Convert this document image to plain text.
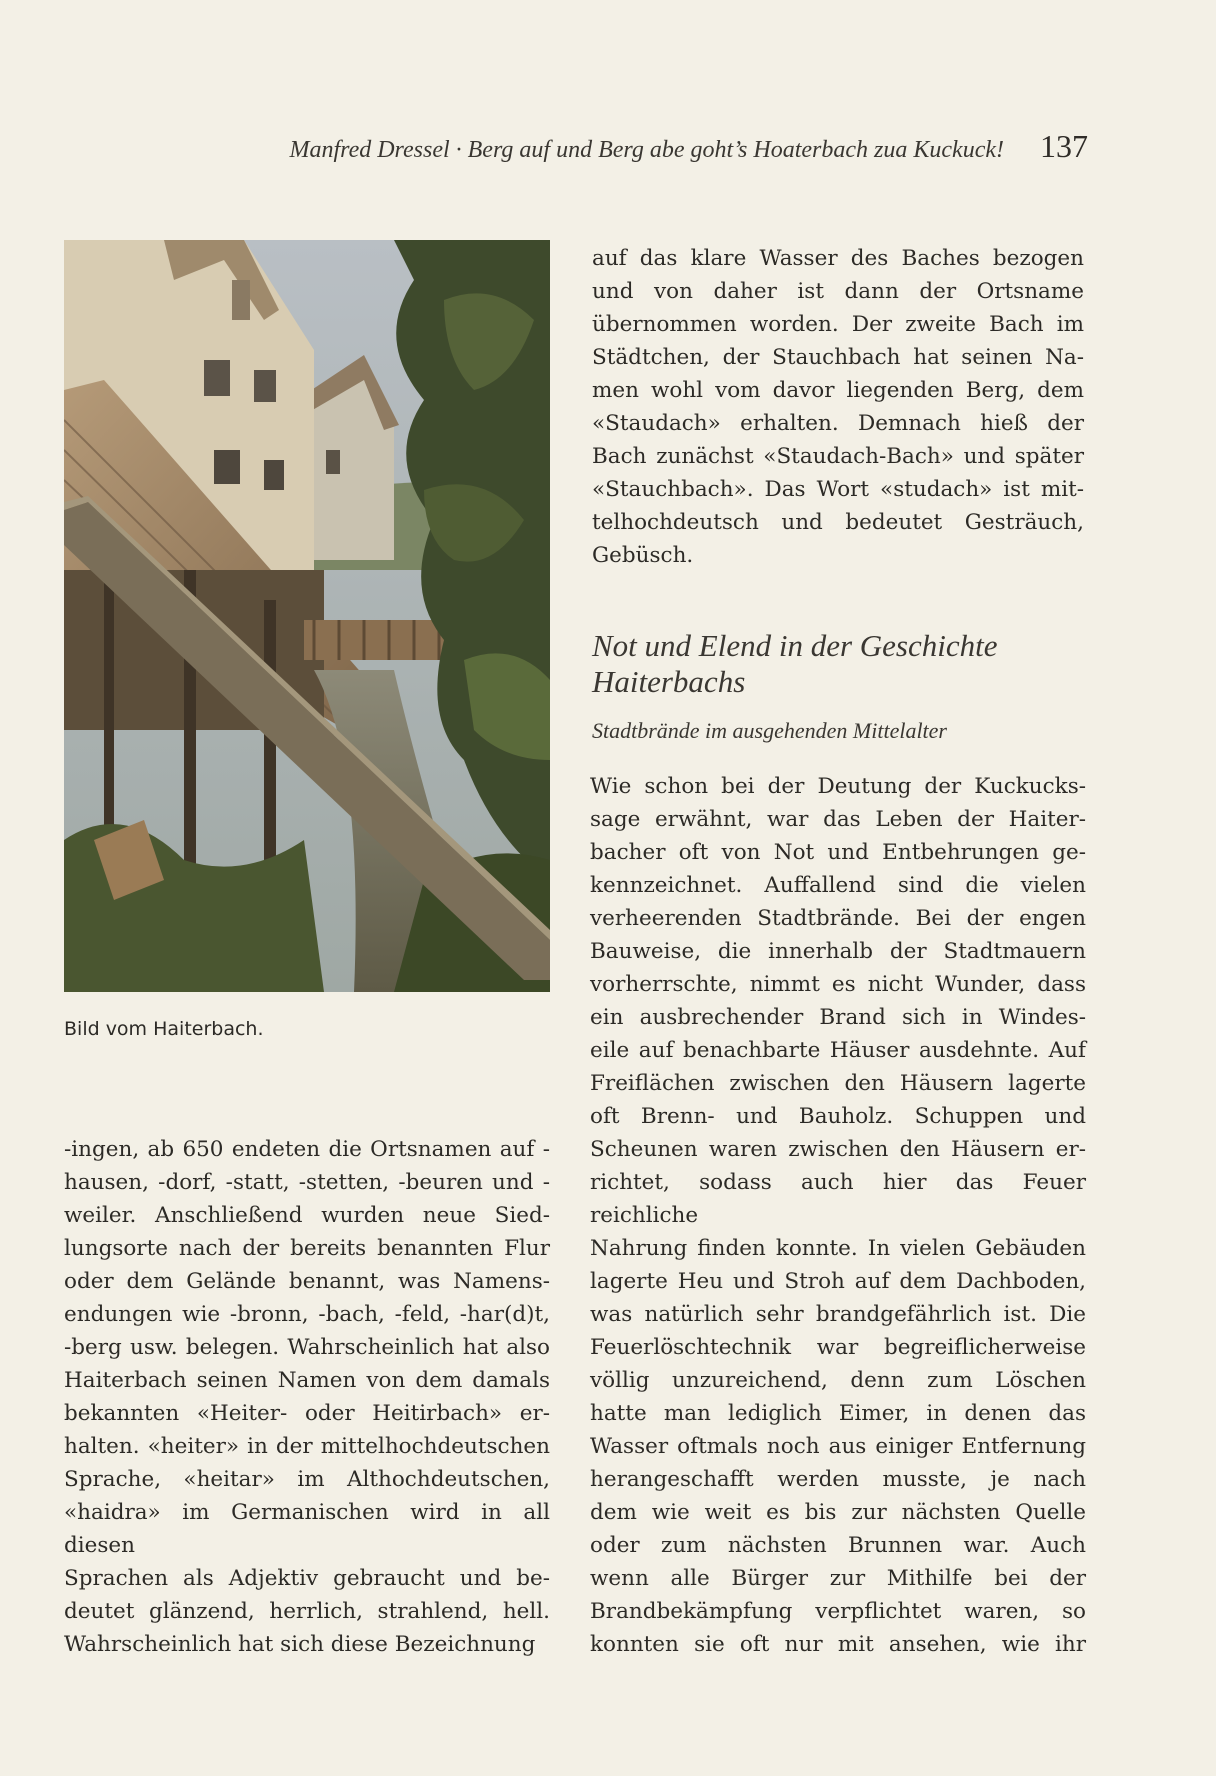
Manfred Dressel · Berg auf und Berg abe goht’s Hoaterbach zua Kuckuck! 137
Bild vom Haiterbach.

auf das klare Wasser des Baches bezogen

und von daher ist dann der Ortsname

übernommen worden. Der zweite Bach im

Städtchen, der Stauchbach hat seinen Na-

men wohl vom davor liegenden Berg, dem

«Staudach» erhalten. Demnach hieß der

Bach zunächst «Staudach-Bach» und später

«Stauchbach». Das Wort «studach» ist mit-

telhochdeutsch und bedeutet Gesträuch,

Gebüsch.

Not und Elend in der Geschichte
Haiterbachs
Stadtbrände im ausgehenden Mittelalter

Wie schon bei der Deutung der Kuckucks-

sage erwähnt, war das Leben der Haiter-

bacher oft von Not und Entbehrungen ge-

kennzeichnet. Auffallend sind die vielen

verheerenden Stadtbrände. Bei der engen

Bauweise, die innerhalb der Stadtmauern

vorherrschte, nimmt es nicht Wunder, dass

ein ausbrechender Brand sich in Windes-

eile auf benachbarte Häuser ausdehnte. Auf

Freiflächen zwischen den Häusern lagerte

oft Brenn- und Bauholz. Schuppen und

Scheunen waren zwischen den Häusern er-

richtet, sodass auch hier das Feuer reichliche

Nahrung finden konnte. In vielen Gebäuden

lagerte Heu und Stroh auf dem Dachboden,

was natürlich sehr brandgefährlich ist. Die

Feuerlöschtechnik war begreiflicherweise

völlig unzureichend, denn zum Löschen

hatte man lediglich Eimer, in denen das

Wasser oftmals noch aus einiger Entfernung

herangeschafft werden musste, je nach

dem wie weit es bis zur nächsten Quelle

oder zum nächsten Brunnen war. Auch

wenn alle Bürger zur Mithilfe bei der

Brandbekämpfung verpflichtet waren, so

konnten sie oft nur mit ansehen, wie ihr

-ingen, ab 650 endeten die Ortsnamen auf -

hausen, -dorf, -statt, -stetten, -beuren und -

weiler. Anschließend wurden neue Sied-

lungsorte nach der bereits benannten Flur

oder dem Gelände benannt, was Namens-

endungen wie -bronn, -bach, -feld, -har(d)t,

-berg usw. belegen. Wahrscheinlich hat also

Haiterbach seinen Namen von dem damals

bekannten «Heiter- oder Heitirbach» er-

halten. «heiter» in der mittelhochdeutschen

Sprache, «heitar» im Althochdeutschen,

«haidra» im Germanischen wird in all diesen

Sprachen als Adjektiv gebraucht und be-

deutet glänzend, herrlich, strahlend, hell.

Wahrscheinlich hat sich diese Bezeichnung
